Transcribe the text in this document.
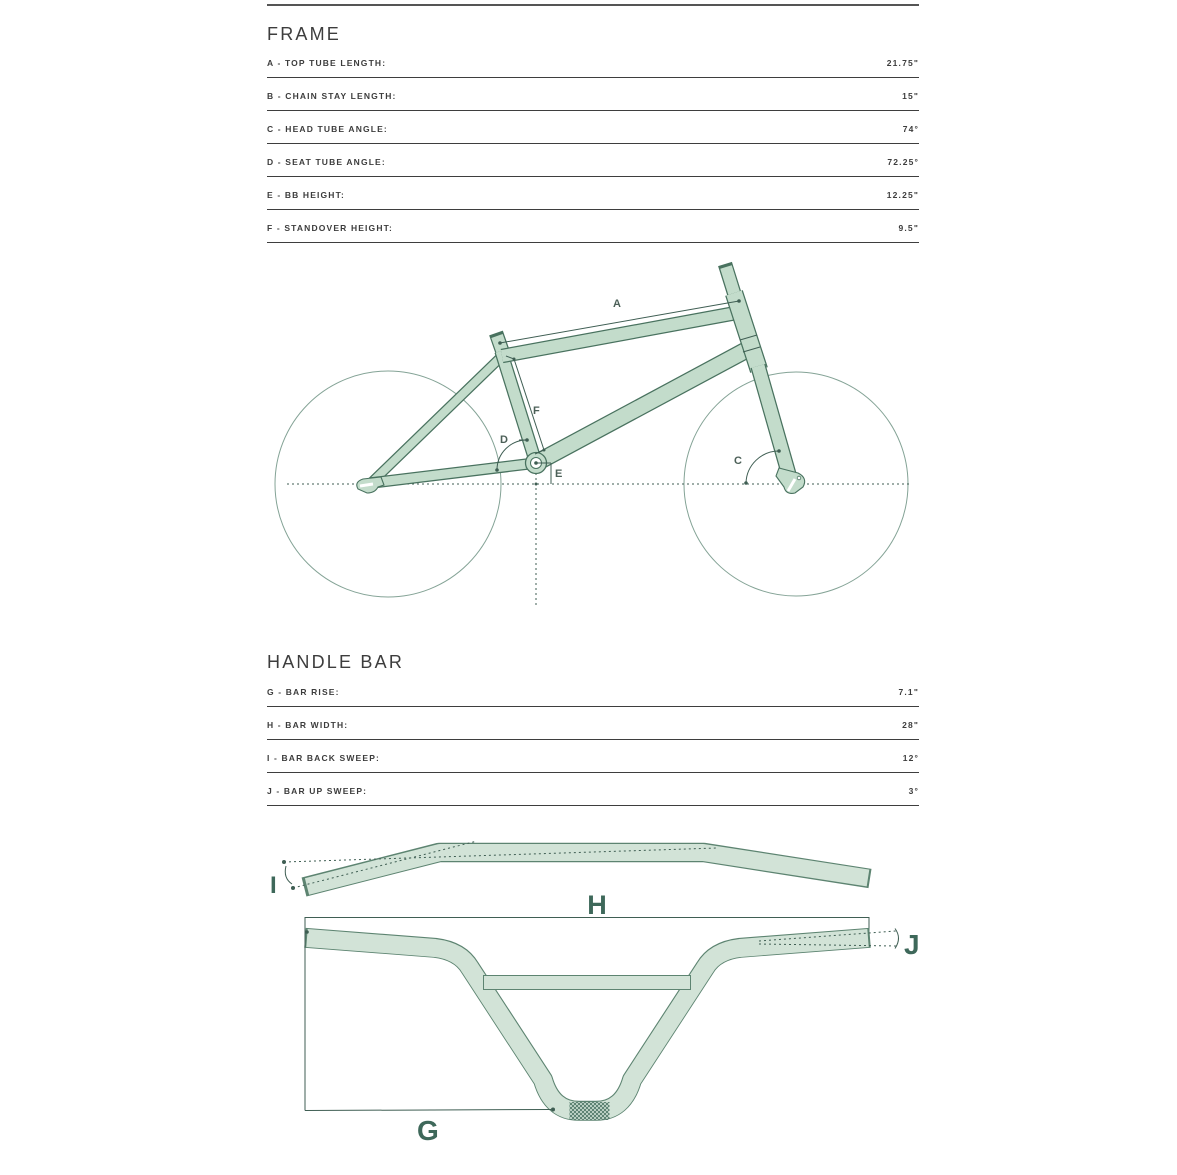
FRAME
A - TOP TUBE LENGTH:	21.75"
B - CHAIN STAY LENGTH:	15"
C - HEAD TUBE ANGLE:	74°
D - SEAT TUBE ANGLE:	72.25°
E - BB HEIGHT:	12.25"
F - STANDOVER HEIGHT:	9.5"
A
F
D
E
C
HANDLE BAR
G - BAR RISE:	7.1"
H - BAR WIDTH:	28"
I - BAR BACK SWEEP:	12°
J - BAR UP SWEEP:	3°
I
H
G
J
